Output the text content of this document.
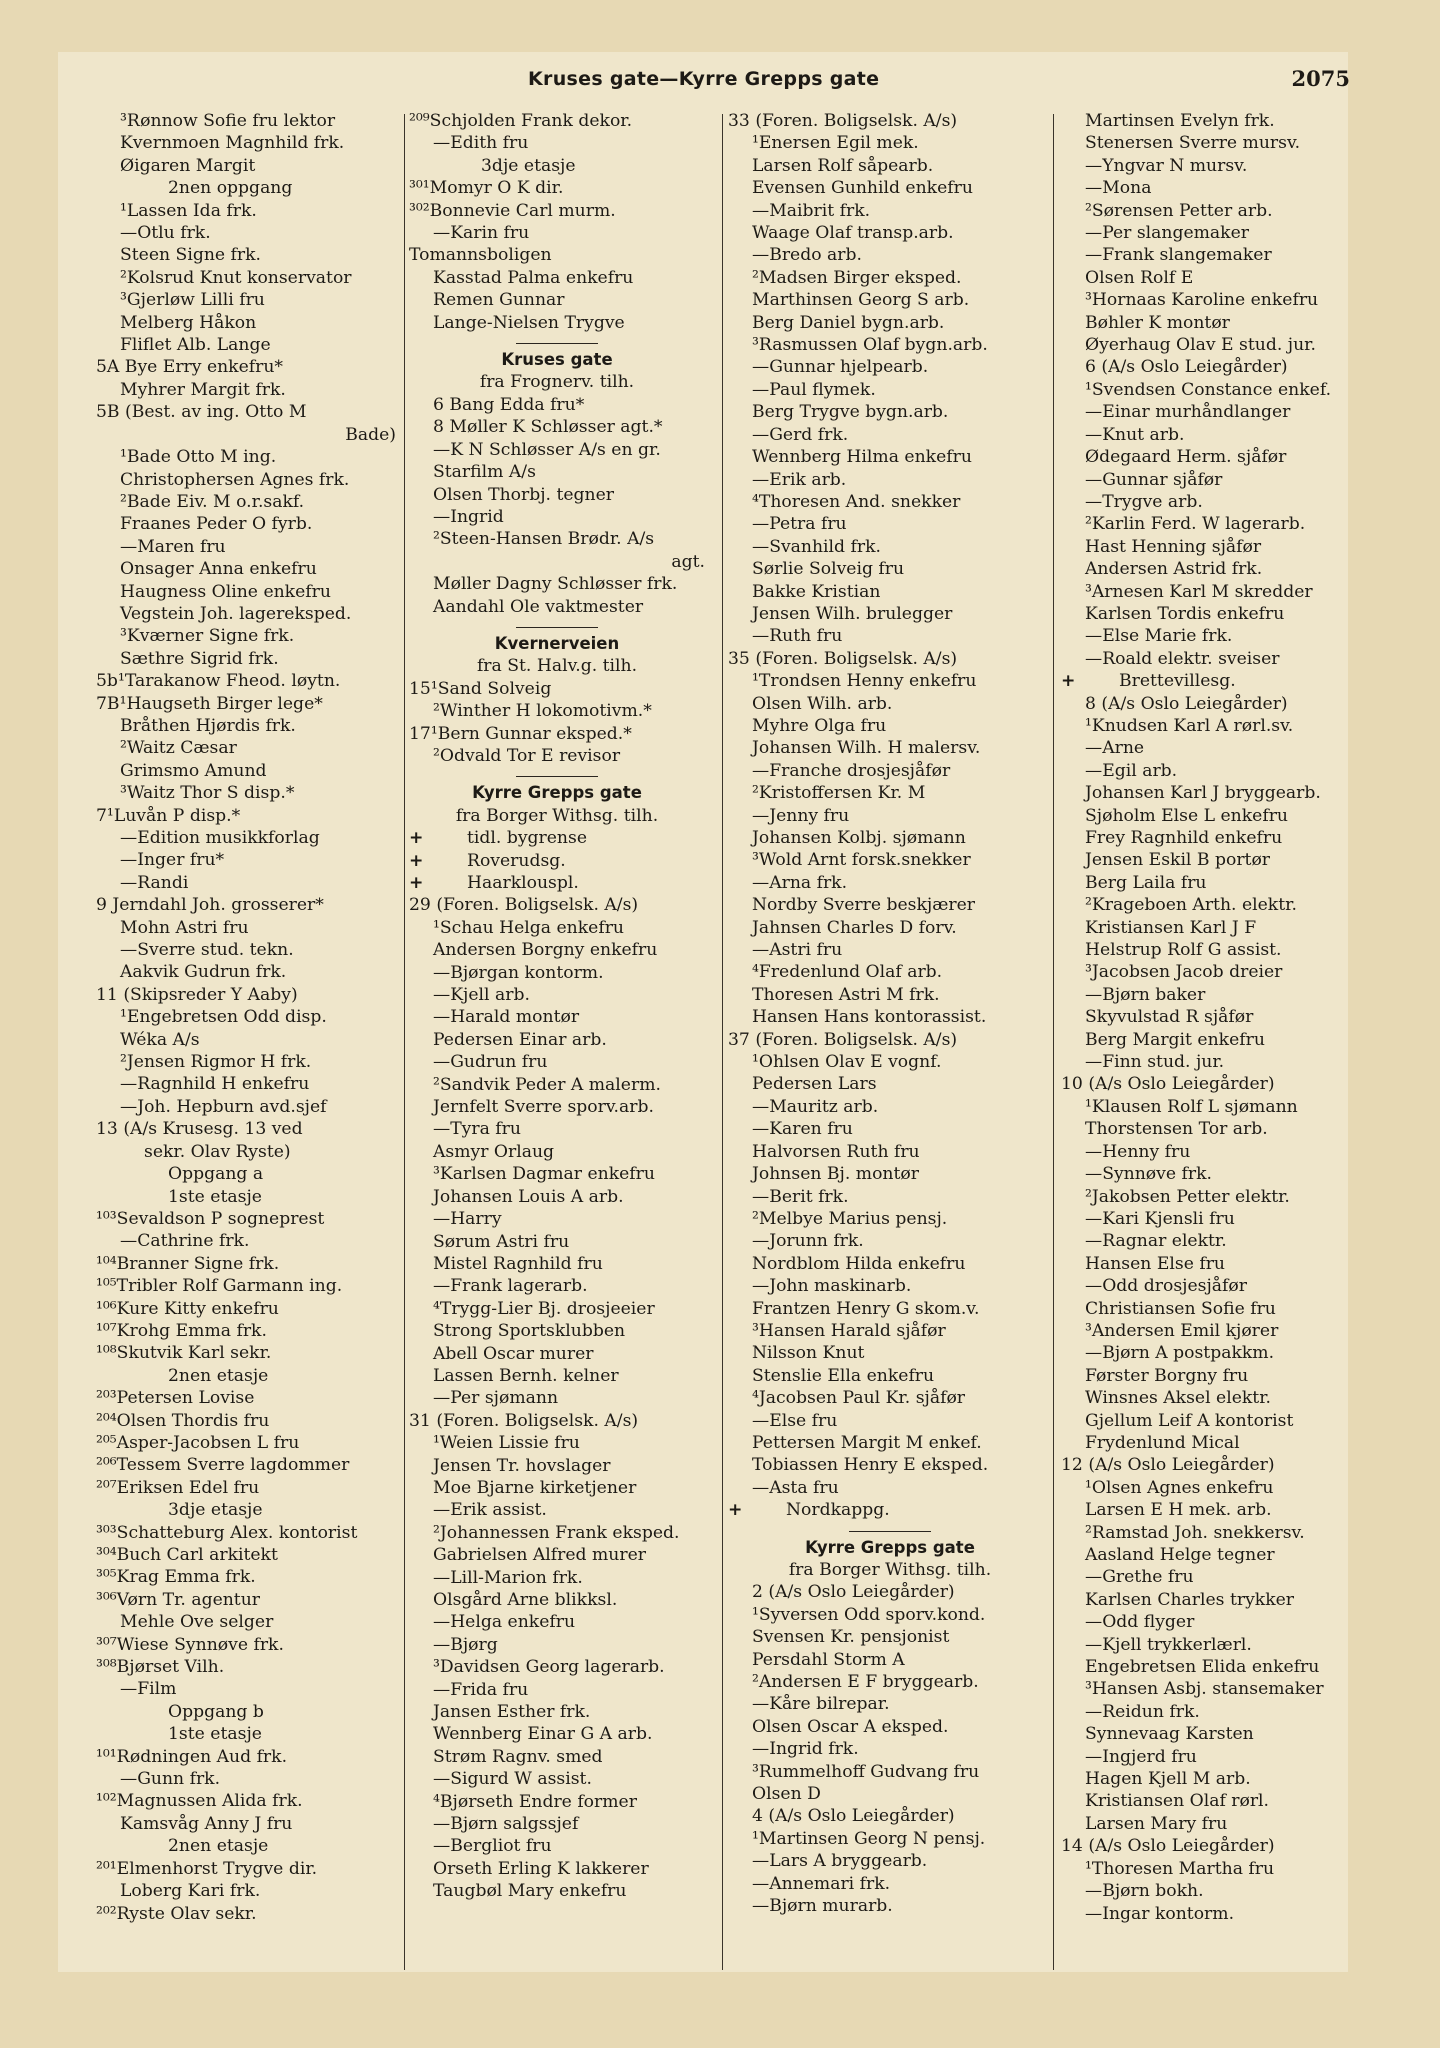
Kruses gate—Kyrre Grepps gate	2075
³Rønnow Sofie fru lektor
Kvernmoen Magnhild frk.
Øigaren Margit
2nen oppgang
¹Lassen Ida frk.
—Otlu frk.
Steen Signe frk.
²Kolsrud Knut konservator
³Gjerløw Lilli fru
Melberg Håkon
Fliflet Alb. Lange
5A Bye Erry enkefru*
Myhrer Margit frk.
5B (Best. av ing. Otto M
Bade)
¹Bade Otto M ing.
Christophersen Agnes frk.
²Bade Eiv. M o.r.sakf.
Fraanes Peder O fyrb.
—Maren fru
Onsager Anna enkefru
Haugness Oline enkefru
Vegstein Joh. lagereksped.
³Kværner Signe frk.
Sæthre Sigrid frk.
5b¹Tarakanow Fheod. løytn.
7B¹Haugseth Birger lege*
Bråthen Hjørdis frk.
²Waitz Cæsar
Grimsmo Amund
³Waitz Thor S disp.*
7¹Luvån P disp.*
—Edition musikkforlag
—Inger fru*
—Randi
9 Jerndahl Joh. grosserer*
Mohn Astri fru
—Sverre stud. tekn.
Aakvik Gudrun frk.
11 (Skipsreder Y Aaby)
¹Engebretsen Odd disp.
Wéka A/s
²Jensen Rigmor H frk.
—Ragnhild H enkefru
—Joh. Hepburn avd.sjef
13 (A/s Krusesg. 13 ved
sekr. Olav Ryste)
Oppgang a
1ste etasje
¹⁰³Sevaldson P sogneprest
—Cathrine frk.
¹⁰⁴Branner Signe frk.
¹⁰⁵Tribler Rolf Garmann ing.
¹⁰⁶Kure Kitty enkefru
¹⁰⁷Krohg Emma frk.
¹⁰⁸Skutvik Karl sekr.
2nen etasje
²⁰³Petersen Lovise
²⁰⁴Olsen Thordis fru
²⁰⁵Asper-Jacobsen L fru
²⁰⁶Tessem Sverre lagdommer
²⁰⁷Eriksen Edel fru
3dje etasje
³⁰³Schatteburg Alex. kontorist
³⁰⁴Buch Carl arkitekt
³⁰⁵Krag Emma frk.
³⁰⁶Vørn Tr. agentur
Mehle Ove selger
³⁰⁷Wiese Synnøve frk.
³⁰⁸Bjørset Vilh.
—Film
Oppgang b
1ste etasje
¹⁰¹Rødningen Aud frk.
—Gunn frk.
¹⁰²Magnussen Alida frk.
Kamsvåg Anny J fru
2nen etasje
²⁰¹Elmenhorst Trygve dir.
Loberg Kari frk.
²⁰²Ryste Olav sekr.
²⁰⁹Schjolden Frank dekor.
—Edith fru
3dje etasje
³⁰¹Momyr O K dir.
³⁰²Bonnevie Carl murm.
—Karin fru
Tomannsboligen
Kasstad Palma enkefru
Remen Gunnar
Lange-Nielsen Trygve
Kruses gate
fra Frognerv. tilh.
6 Bang Edda fru*
8 Møller K Schløsser agt.*
—K N Schløsser A/s en gr.
Starfilm A/s
Olsen Thorbj. tegner
—Ingrid
²Steen-Hansen Brødr. A/s
agt.
Møller Dagny Schløsser frk.
Aandahl Ole vaktmester
Kvernerveien
fra St. Halv.g. tilh.
15¹Sand Solveig
²Winther H lokomotivm.*
17¹Bern Gunnar eksped.*
²Odvald Tor E revisor
Kyrre Grepps gate
fra Borger Withsg. tilh.
+	tidl. bygrense
+	Roverudsg.
+	Haarklouspl.
29 (Foren. Boligselsk. A/s)
¹Schau Helga enkefru
Andersen Borgny enkefru
—Bjørgan kontorm.
—Kjell arb.
—Harald montør
Pedersen Einar arb.
—Gudrun fru
²Sandvik Peder A malerm.
Jernfelt Sverre sporv.arb.
—Tyra fru
Asmyr Orlaug
³Karlsen Dagmar enkefru
Johansen Louis A arb.
—Harry
Sørum Astri fru
Mistel Ragnhild fru
—Frank lagerarb.
⁴Trygg-Lier Bj. drosjeeier
Strong Sportsklubben
Abell Oscar murer
Lassen Bernh. kelner
—Per sjømann
31 (Foren. Boligselsk. A/s)
¹Weien Lissie fru
Jensen Tr. hovslager
Moe Bjarne kirketjener
—Erik assist.
²Johannessen Frank eksped.
Gabrielsen Alfred murer
—Lill-Marion frk.
Olsgård Arne blikksl.
—Helga enkefru
—Bjørg
³Davidsen Georg lagerarb.
—Frida fru
Jansen Esther frk.
Wennberg Einar G A arb.
Strøm Ragnv. smed
—Sigurd W assist.
⁴Bjørseth Endre former
—Bjørn salgssjef
—Bergliot fru
Orseth Erling K lakkerer
Taugbøl Mary enkefru
33 (Foren. Boligselsk. A/s)
¹Enersen Egil mek.
Larsen Rolf såpearb.
Evensen Gunhild enkefru
—Maibrit frk.
Waage Olaf transp.arb.
—Bredo arb.
²Madsen Birger eksped.
Marthinsen Georg S arb.
Berg Daniel bygn.arb.
³Rasmussen Olaf bygn.arb.
—Gunnar hjelpearb.
—Paul flymek.
Berg Trygve bygn.arb.
—Gerd frk.
Wennberg Hilma enkefru
—Erik arb.
⁴Thoresen And. snekker
—Petra fru
—Svanhild frk.
Sørlie Solveig fru
Bakke Kristian
Jensen Wilh. brulegger
—Ruth fru
35 (Foren. Boligselsk. A/s)
¹Trondsen Henny enkefru
Olsen Wilh. arb.
Myhre Olga fru
Johansen Wilh. H malersv.
—Franche drosjesjåfør
²Kristoffersen Kr. M
—Jenny fru
Johansen Kolbj. sjømann
³Wold Arnt forsk.snekker
—Arna frk.
Nordby Sverre beskjærer
Jahnsen Charles D forv.
—Astri fru
⁴Fredenlund Olaf arb.
Thoresen Astri M frk.
Hansen Hans kontorassist.
37 (Foren. Boligselsk. A/s)
¹Ohlsen Olav E vognf.
Pedersen Lars
—Mauritz arb.
—Karen fru
Halvorsen Ruth fru
Johnsen Bj. montør
—Berit frk.
²Melbye Marius pensj.
—Jorunn frk.
Nordblom Hilda enkefru
—John maskinarb.
Frantzen Henry G skom.v.
³Hansen Harald sjåfør
Nilsson Knut
Stenslie Ella enkefru
⁴Jacobsen Paul Kr. sjåfør
—Else fru
Pettersen Margit M enkef.
Tobiassen Henry E eksped.
—Asta fru
+	Nordkappg.
Kyrre Grepps gate
fra Borger Withsg. tilh.
2 (A/s Oslo Leiegårder)
¹Syversen Odd sporv.kond.
Svensen Kr. pensjonist
Persdahl Storm A
²Andersen E F bryggearb.
—Kåre bilrepar.
Olsen Oscar A eksped.
—Ingrid frk.
³Rummelhoff Gudvang fru
Olsen D
4 (A/s Oslo Leiegårder)
¹Martinsen Georg N pensj.
—Lars A bryggearb.
—Annemari frk.
—Bjørn murarb.
Martinsen Evelyn frk.
Stenersen Sverre mursv.
—Yngvar N mursv.
—Mona
²Sørensen Petter arb.
—Per slangemaker
—Frank slangemaker
Olsen Rolf E
³Hornaas Karoline enkefru
Bøhler K montør
Øyerhaug Olav E stud. jur.
6 (A/s Oslo Leiegårder)
¹Svendsen Constance enkef.
—Einar murhåndlanger
—Knut arb.
Ødegaard Herm. sjåfør
—Gunnar sjåfør
—Trygve arb.
²Karlin Ferd. W lagerarb.
Hast Henning sjåfør
Andersen Astrid frk.
³Arnesen Karl M skredder
Karlsen Tordis enkefru
—Else Marie frk.
—Roald elektr. sveiser
+	Brettevillesg.
8 (A/s Oslo Leiegårder)
¹Knudsen Karl A rørl.sv.
—Arne
—Egil arb.
Johansen Karl J bryggearb.
Sjøholm Else L enkefru
Frey Ragnhild enkefru
Jensen Eskil B portør
Berg Laila fru
²Krageboen Arth. elektr.
Kristiansen Karl J F
Helstrup Rolf G assist.
³Jacobsen Jacob dreier
—Bjørn baker
Skyvulstad R sjåfør
Berg Margit enkefru
—Finn stud. jur.
10 (A/s Oslo Leiegårder)
¹Klausen Rolf L sjømann
Thorstensen Tor arb.
—Henny fru
—Synnøve frk.
²Jakobsen Petter elektr.
—Kari Kjensli fru
—Ragnar elektr.
Hansen Else fru
—Odd drosjesjåfør
Christiansen Sofie fru
³Andersen Emil kjører
—Bjørn A postpakkm.
Førster Borgny fru
Winsnes Aksel elektr.
Gjellum Leif A kontorist
Frydenlund Mical
12 (A/s Oslo Leiegårder)
¹Olsen Agnes enkefru
Larsen E H mek. arb.
²Ramstad Joh. snekkersv.
Aasland Helge tegner
—Grethe fru
Karlsen Charles trykker
—Odd flyger
—Kjell trykkerlærl.
Engebretsen Elida enkefru
³Hansen Asbj. stansemaker
—Reidun frk.
Synnevaag Karsten
—Ingjerd fru
Hagen Kjell M arb.
Kristiansen Olaf rørl.
Larsen Mary fru
14 (A/s Oslo Leiegårder)
¹Thoresen Martha fru
—Bjørn bokh.
—Ingar kontorm.
